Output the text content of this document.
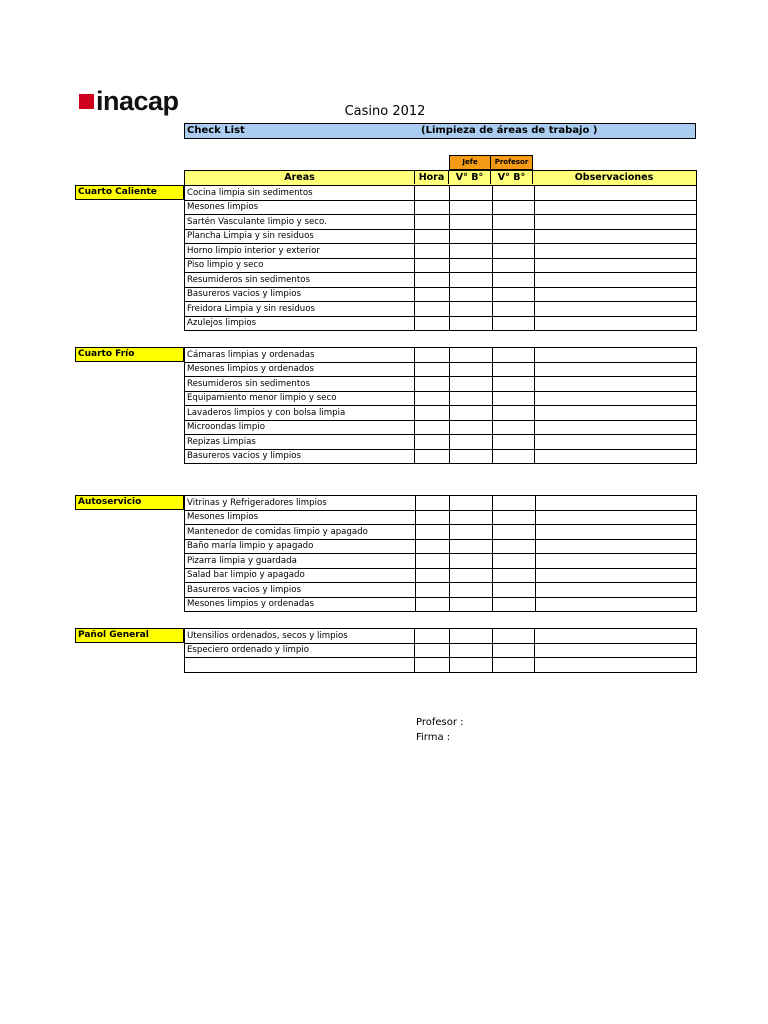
inacap	Casino 2012
Check List	(Limpieza de áreas de trabajo )
Jefe	Profesor
Areas	Hora	V° B°	V° B°	Observaciones
Cuarto Caliente	Cocina limpia sin sedimentos				
Mesones limpios				
Sartén Vasculante limpio y seco.				
Plancha Limpia y sin residuos				
Horno limpio interior y exterior				
Piso limpio y seco				
Resumideros sin sedimentos				
Basureros vacios y limpios				
Freidora Limpia y sin residuos				
Azulejos limpios				
Cuarto Frío	Cámaras limpias y ordenadas				
Mesones limpios y ordenados				
Resumideros sin sedimentos				
Equipamiento menor limpio y seco				
Lavaderos limpios y con bolsa limpia				
Microondas limpio				
Repizas Limpias				
Basureros vacios y limpios				
Autoservicio	Vitrinas y Refrigeradores limpios				
Mesones limpios				
Mantenedor de comidas limpio y apagado				
Baño maría limpio y apagado				
Pizarra limpia y guardada				
Salad bar limpio y apagado				
Basureros vacios y limpios				
Mesones limpios y ordenadas				
Pañol General	Utensilios ordenados, secos y limpios				
Especiero ordenado y limpio				

Profesor :
Firma :
